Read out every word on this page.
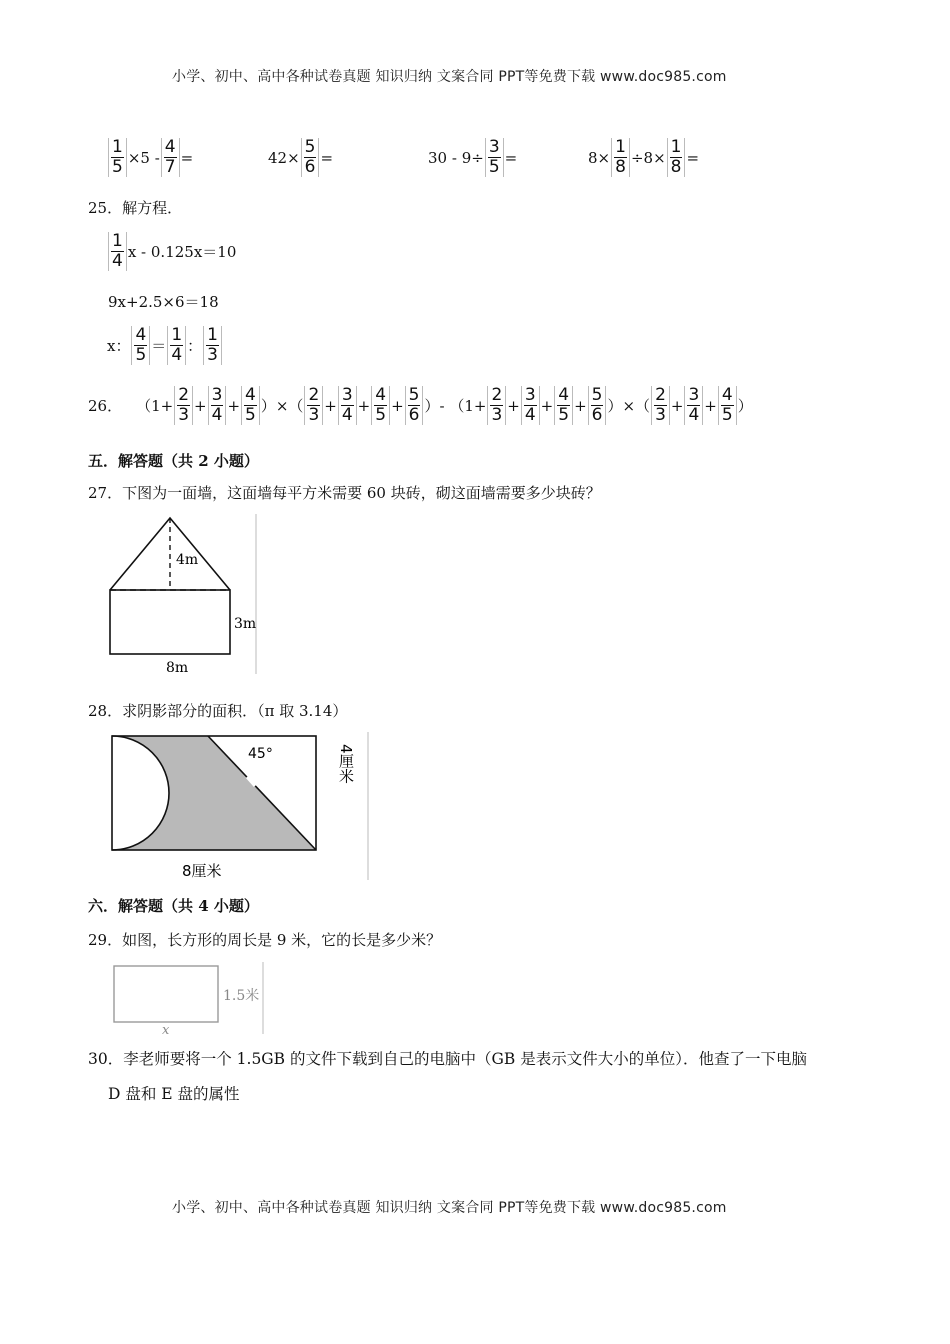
小学、初中、高中各种试卷真题 知识归纳 文案合同 PPT等免费下载 www.doc985.com
$\frac{1}{5} \times 5 - \frac{4}{7}$ =	$42\times \frac{5}{6}$ =	$30 - 9\div \frac{3}{5}$ =	$8\times \frac{1}{8} \div 8\times \frac{1}{8}$ =
25．解方程．
$\frac{1}{4}$ x - 0.125x＝10
9x+2.5×6＝18
x： $\frac{4}{5} = \frac{1}{4}$ ： $\frac{1}{3}$
26． （$1+ \frac{2}{3} + \frac{3}{4} + \frac{4}{5}$ ）×（ $\frac{2}{3} + \frac{3}{4} + \frac{4}{5} + \frac{5}{6}$ ）- （$1+ \frac{2}{3} + \frac{3}{4} + \frac{4}{5} + \frac{5}{6}$ ）×（ $\frac{2}{3} + \frac{3}{4} + \frac{4}{5}$ ）
五．解答题（共 2 小题）
27．下图为一面墙，这面墙每平方米需要 60 块砖，砌这面墙需要多少块砖？
4m
3m
8m
28．求阴影部分的面积．（π 取 3.14）
45°	4厘米
8厘米
六．解答题（共 4 小题）
29．如图，长方形的周长是 9 米，它的长是多少米？
1.5米
x
30．李老师要将一个 1.5GB 的文件下载到自己的电脑中（GB 是表示文件大小的单位）．他查了一下电脑
D 盘和 E 盘的属性
小学、初中、高中各种试卷真题 知识归纳 文案合同 PPT等免费下载 www.doc985.com
